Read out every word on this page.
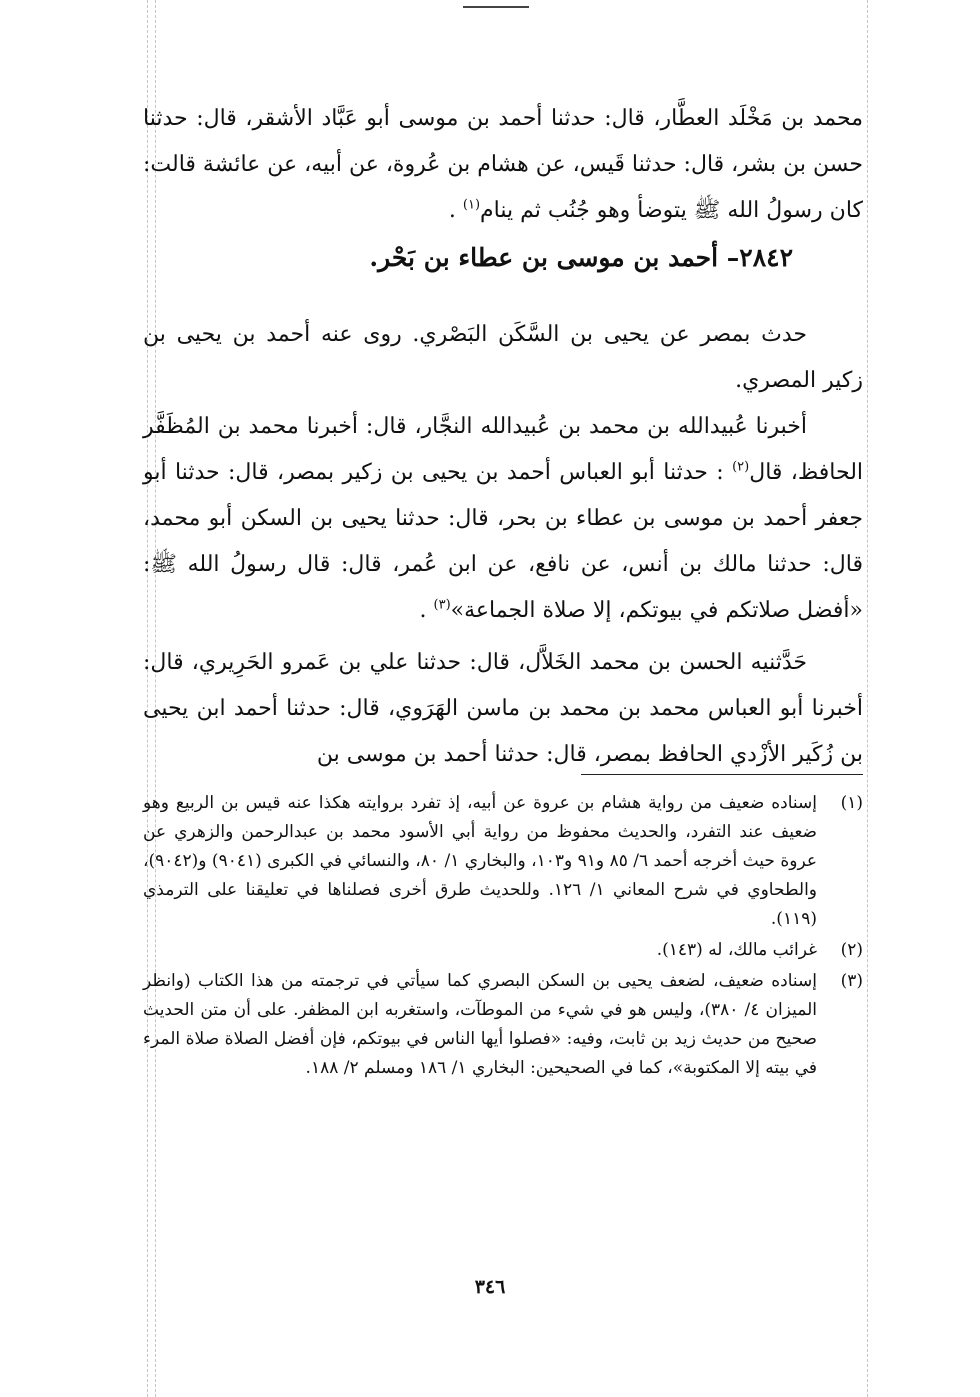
محمد بن مَخْلَد العطَّار، قال: حدثنا أحمد بن موسى أبو عَبَّاد الأشقر، قال: حدثنا حسن بن بشر، قال: حدثنا قَيس، عن هشام بن عُروة، عن أبيه، عن عائشة قالت: كان رسولُ الله ﷺ يتوضأ وهو جُنُب ثم ينام$^{(١)}$ .
٢٨٤٢– أحمد بن موسى بن عطاء بن بَحْر.
حدث بمصر عن يحيى بن السَّكَن البَصْري. روى عنه أحمد بن يحيى بن زكير المصري.
أخبرنا عُبيدالله بن محمد بن عُبيدالله النجَّار، قال: أخبرنا محمد بن المُظَفَّر الحافظ، قال$^{(٢)}$ : حدثنا أبو العباس أحمد بن يحيى بن زكير بمصر، قال: حدثنا أبو جعفر أحمد بن موسى بن عطاء بن بحر، قال: حدثنا يحيى بن السكن أبو محمد، قال: حدثنا مالك بن أنس، عن نافع، عن ابن عُمر، قال: قال رسولُ الله ﷺ: «أفضل صلاتكم في بيوتكم، إلا صلاة الجماعة»$^{(٣)}$ .
حَدَّثنيه الحسن بن محمد الخَلاَّل، قال: حدثنا علي بن عَمرو الحَرِيري، قال: أخبرنا أبو العباس محمد بن محمد بن ماسن الهَرَوي، قال: حدثنا أحمد ابن يحيى بن زُكَير الأزْدي الحافظ بمصر، قال: حدثنا أحمد بن موسى بن
(١)
إسناده ضعيف من رواية هشام بن عروة عن أبيه، إذ تفرد بروايته هكذا عنه قيس بن الربيع وهو ضعيف عند التفرد، والحديث محفوظ من رواية أبي الأسود محمد بن عبدالرحمن والزهري عن عروة حيث أخرجه أحمد ٦/ ٨٥ و٩١ و١٠٣، والبخاري ١/ ٨٠، والنسائي في الكبرى (٩٠٤١) و(٩٠٤٢)، والطحاوي في شرح المعاني ١/ ١٢٦. وللحديث طرق أخرى فصلناها في تعليقنا على الترمذي (١١٩).
(٢)
غرائب مالك، له (١٤٣).
(٣)
إسناده ضعيف، لضعف يحيى بن السكن البصري كما سيأتي في ترجمته من هذا الكتاب (وانظر الميزان ٤/ ٣٨٠)، وليس هو في شيء من الموطآت، واستغربه ابن المظفر. على أن متن الحديث صحيح من حديث زيد بن ثابت، وفيه: «فصلوا أيها الناس في بيوتكم، فإن أفضل الصلاة صلاة المرء في بيته إلا المكتوبة»، كما في الصحيحين: البخاري ١/ ١٨٦ ومسلم ٢/ ١٨٨.
٣٤٦
